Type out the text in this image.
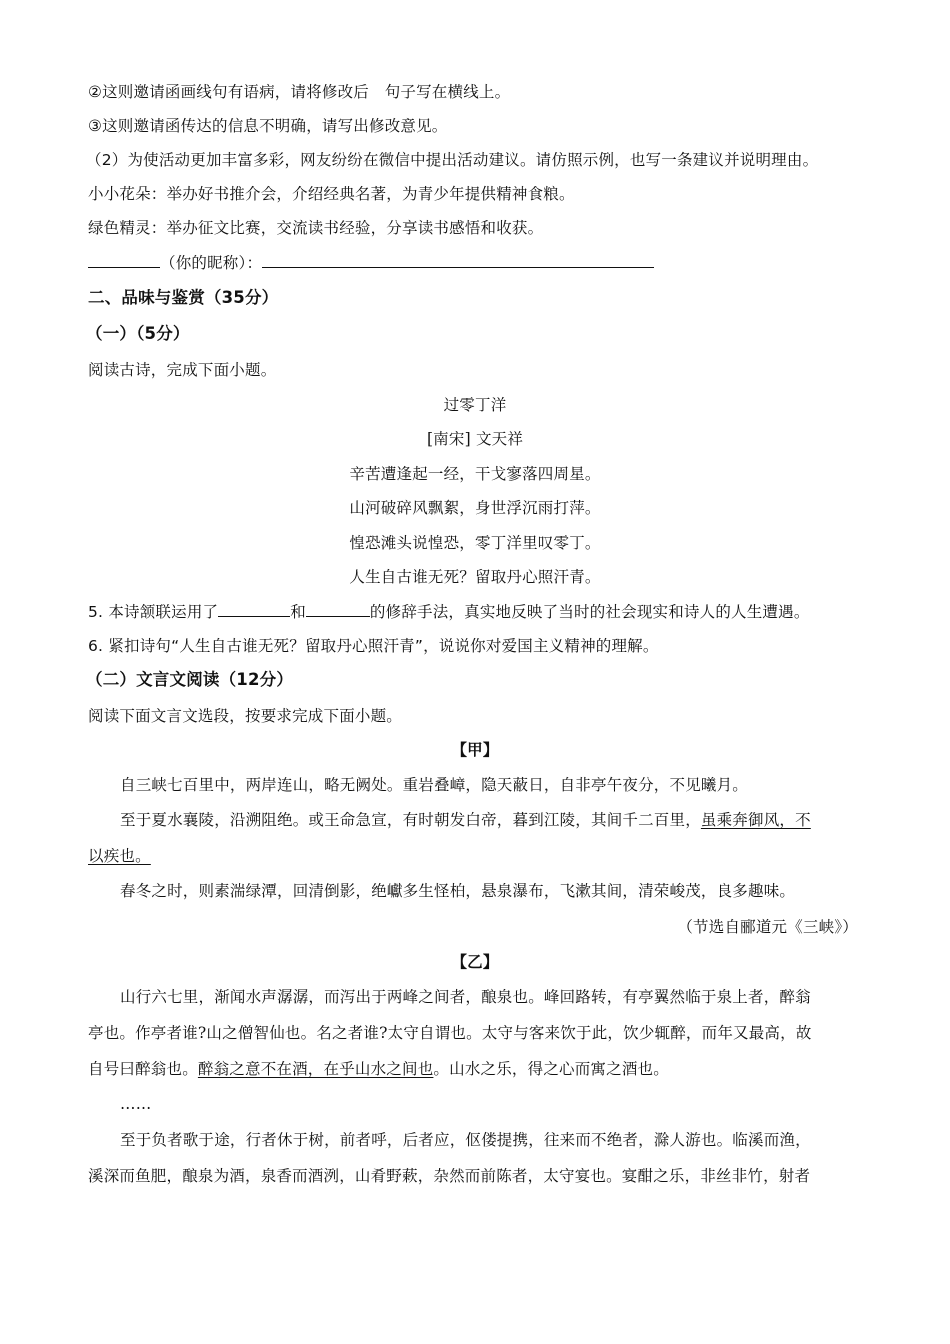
②这则邀请函画线句有语病，请将修改后　句子写在横线上。
③这则邀请函传达的信息不明确，请写出修改意见。
（2）为使活动更加丰富多彩，网友纷纷在微信中提出活动建议。请仿照示例，也写一条建议并说明理由。
小小花朵：举办好书推介会，介绍经典名著，为青少年提供精神食粮。
绿色精灵：举办征文比赛，交流读书经验，分享读书感悟和收获。
（你的昵称）：
二、品味与鉴赏（35分）
（一）（5分）
阅读古诗，完成下面小题。
过零丁洋
[南宋] 文天祥
辛苦遭逢起一经，干戈寥落四周星。
山河破碎风飘絮，身世浮沉雨打萍。
惶恐滩头说惶恐，零丁洋里叹零丁。
人生自古谁无死？留取丹心照汗青。
5. 本诗颔联运用了	和	的修辞手法，真实地反映了当时的社会现实和诗人的人生遭遇。
6. 紧扣诗句“人生自古谁无死？留取丹心照汗青”，说说你对爱国主义精神的理解。
（二）文言文阅读（12分）
阅读下面文言文选段，按要求完成下面小题。
【甲】
自三峡七百里中，两岸连山，略无阙处。重岩叠嶂，隐天蔽日，自非亭午夜分，不见曦月。
至于夏水襄陵，沿溯阻绝。或王命急宣，有时朝发白帝，暮到江陵，其间千二百里，虽乘奔御风，不
以疾也。
春冬之时，则素湍绿潭，回清倒影，绝巘多生怪柏，悬泉瀑布，飞漱其间，清荣峻茂，良多趣味。
（节选自郦道元《三峡》）
【乙】
山行六七里，渐闻水声潺潺，而泻出于两峰之间者，酿泉也。峰回路转，有亭翼然临于泉上者，醉翁
亭也。作亭者谁?山之僧智仙也。名之者谁?太守自谓也。太守与客来饮于此，饮少辄醉，而年又最高，故
自号曰醉翁也。醉翁之意不在酒，在乎山水之间也。山水之乐，得之心而寓之酒也。
……
至于负者歌于途，行者休于树，前者呼，后者应，伛偻提携，往来而不绝者，滁人游也。临溪而渔，
溪深而鱼肥，酿泉为酒，泉香而酒洌，山肴野蔌，杂然而前陈者，太守宴也。宴酣之乐，非丝非竹，射者
